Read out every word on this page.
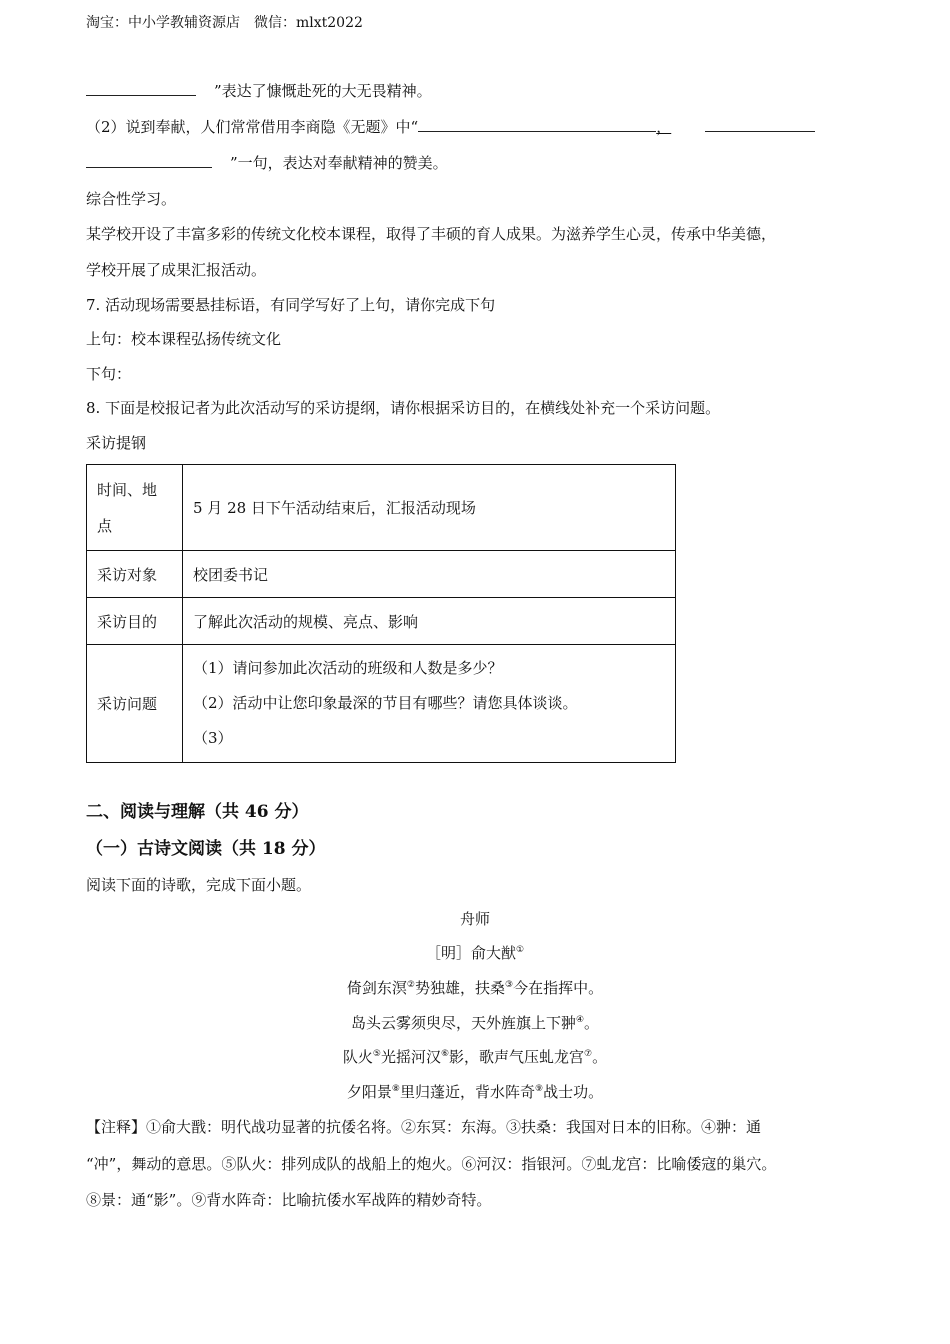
淘宝：中小学教辅资源店　微信：mlxt2022
”表达了慷慨赴死的大无畏精神。
（2）说到奉献，人们常常借用李商隐《无题》中“	，
”一句，表达对奉献精神的赞美。
综合性学习。
某学校开设了丰富多彩的传统文化校本课程，取得了丰硕的育人成果。为滋养学生心灵，传承中华美德，
学校开展了成果汇报活动。
7. 活动现场需要悬挂标语，有同学写好了上句，请你完成下句
上句：校本课程弘扬传统文化
下句：
8. 下面是校报记者为此次活动写的采访提纲，请你根据采访目的，在横线处补充一个采访问题。
采访提钢
时间、地
点	5 月 28 日下午活动结束后，汇报活动现场
采访对象	校团委书记
采访目的	了解此次活动的规模、亮点、影响
采访问题	（1）请问参加此次活动的班级和人数是多少？
（2）活动中让您印象最深的节目有哪些？请您具体谈谈。
（3）
二、阅读与理解（共 46 分）
（一）古诗文阅读（共 18 分）
阅读下面的诗歌，完成下面小题。
舟师
［明］俞大猷①
倚剑东溟②势独雄，扶桑③今在指挥中。
岛头云雾须臾尽，天外旌旗上下翀④。
队火⑤光摇河汉⑥影，歌声气压虬龙宫⑦。
夕阳景⑧里归蓬近，背水阵奇⑨战士功。
【注释】①俞大戬：明代战功显著的抗倭名将。②东冥：东海。③扶桑：我国对日本的旧称。④翀：通
“冲”，舞动的意思。⑤队火：排列成队的战船上的炮火。⑥河汉：指银河。⑦虬龙宫：比喻倭寇的巢穴。
⑧景：通“影”。⑨背水阵奇：比喻抗倭水军战阵的精妙奇特。
